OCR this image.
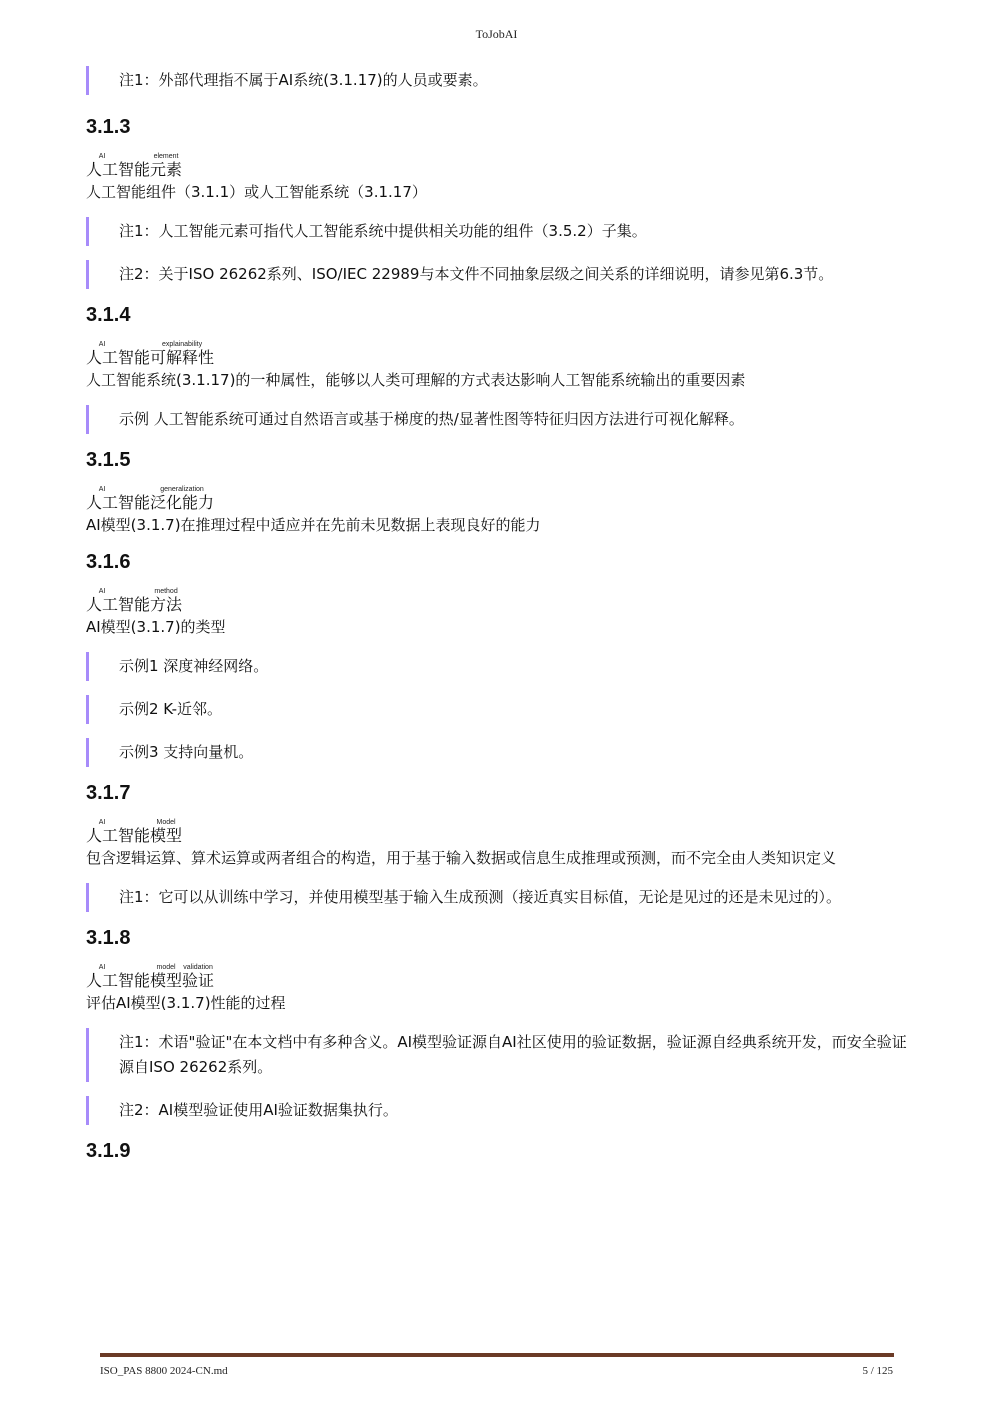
ToJobAI
注1：外部代理指不属于AI系统(3.1.17)的人员或要素。
3.1.3
人工AI智能元素element
人工智能组件（3.1.1）或人工智能系统（3.1.17）
注1：人工智能元素可指代人工智能系统中提供相关功能的组件（3.5.2）子集。
注2：关于ISO 26262系列、ISO/IEC 22989与本文件不同抽象层级之间关系的详细说明，请参见第6.3节。
3.1.4
人工AI智能可解释性explainability
人工智能系统(3.1.17)的一种属性，能够以人类可理解的方式表达影响人工智能系统输出的重要因素
示例 人工智能系统可通过自然语言或基于梯度的热/显著性图等特征归因方法进行可视化解释。
3.1.5
人工AI智能泛化能力generalization
AI模型(3.1.7)在推理过程中适应并在先前未见数据上表现良好的能力
3.1.6
人工AI智能方法method
AI模型(3.1.7)的类型
示例1 深度神经网络。
示例2 K-近邻。
示例3 支持向量机。
3.1.7
人工AI智能模型Model
包含逻辑运算、算术运算或两者组合的构造，用于基于输入数据或信息生成推理或预测，而不完全由人类知识定义
注1：它可以从训练中学习，并使用模型基于输入生成预测（接近真实目标值，无论是见过的还是未见过的）。
3.1.8
人工AI智能模型model验证validation
评估AI模型(3.1.7)性能的过程
注1：术语"验证"在本文档中有多种含义。AI模型验证源自AI社区使用的验证数据，验证源自经典系统开发，而安全验证源自ISO 26262系列。
注2：AI模型验证使用AI验证数据集执行。
3.1.9
ISO_PAS 8800 2024-CN.md	5 / 125
